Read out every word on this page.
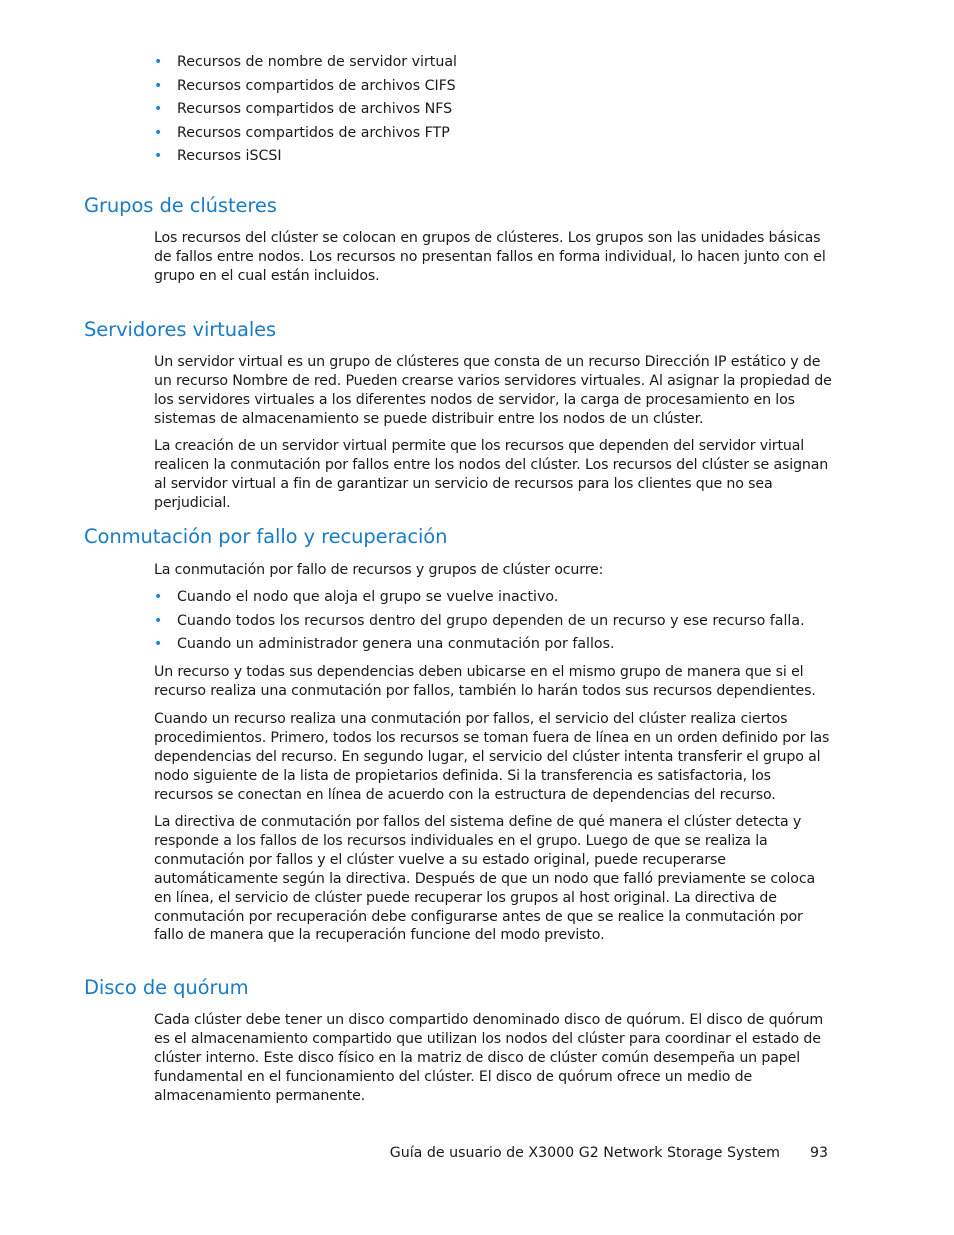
• Recursos de nombre de servidor virtual
• Recursos compartidos de archivos CIFS
• Recursos compartidos de archivos NFS
• Recursos compartidos de archivos FTP
• Recursos iSCSI
Grupos de clústeres

Los recursos del clúster se colocan en grupos de clústeres. Los grupos son las unidades básicas de fallos entre nodos. Los recursos no presentan fallos en forma individual, lo hacen junto con el grupo en el cual están incluidos.

Servidores virtuales

Un servidor virtual es un grupo de clústeres que consta de un recurso Dirección IP estático y de un recurso Nombre de red. Pueden crearse varios servidores virtuales. Al asignar la propiedad de los servidores virtuales a los diferentes nodos de servidor, la carga de procesamiento en los sistemas de almacenamiento se puede distribuir entre los nodos de un clúster.

La creación de un servidor virtual permite que los recursos que dependen del servidor virtual realicen la conmutación por fallos entre los nodos del clúster. Los recursos del clúster se asignan al servidor virtual a fin de garantizar un servicio de recursos para los clientes que no sea perjudicial.

Conmutación por fallo y recuperación

La conmutación por fallo de recursos y grupos de clúster ocurre:

• Cuando el nodo que aloja el grupo se vuelve inactivo.
• Cuando todos los recursos dentro del grupo dependen de un recurso y ese recurso falla.
• Cuando un administrador genera una conmutación por fallos.

Un recurso y todas sus dependencias deben ubicarse en el mismo grupo de manera que si el recurso realiza una conmutación por fallos, también lo harán todos sus recursos dependientes.

Cuando un recurso realiza una conmutación por fallos, el servicio del clúster realiza ciertos procedimientos. Primero, todos los recursos se toman fuera de línea en un orden definido por las dependencias del recurso. En segundo lugar, el servicio del clúster intenta transferir el grupo al nodo siguiente de la lista de propietarios definida. Si la transferencia es satisfactoria, los recursos se conectan en línea de acuerdo con la estructura de dependencias del recurso.

La directiva de conmutación por fallos del sistema define de qué manera el clúster detecta y responde a los fallos de los recursos individuales en el grupo. Luego de que se realiza la conmutación por fallos y el clúster vuelve a su estado original, puede recuperarse automáticamente según la directiva. Después de que un nodo que falló previamente se coloca en línea, el servicio de clúster puede recuperar los grupos al host original. La directiva de conmutación por recuperación debe configurarse antes de que se realice la conmutación por fallo de manera que la recuperación funcione del modo previsto.

Disco de quórum

Cada clúster debe tener un disco compartido denominado disco de quórum. El disco de quórum es el almacenamiento compartido que utilizan los nodos del clúster para coordinar el estado de clúster interno. Este disco físico en la matriz de disco de clúster común desempeña un papel fundamental en el funcionamiento del clúster. El disco de quórum ofrece un medio de almacenamiento permanente.

Guía de usuario de X3000 G2 Network Storage System 93
